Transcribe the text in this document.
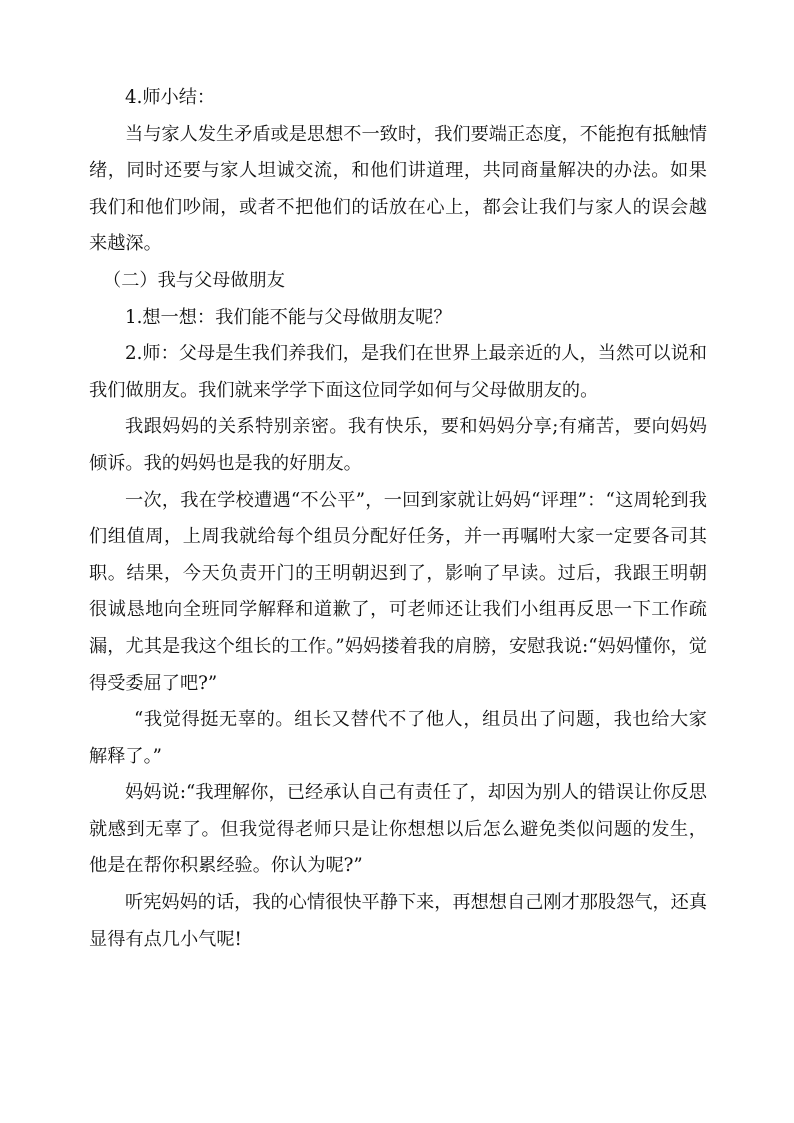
4.师小结：

当与家人发生矛盾或是思想不一致时，我们要端正态度，不能抱有抵触情绪，同时还要与家人坦诚交流，和他们讲道理，共同商量解决的办法。如果我们和他们吵闹，或者不把他们的话放在心上，都会让我们与家人的误会越来越深。

（二）我与父母做朋友

1.想一想：我们能不能与父母做朋友呢？

2.师：父母是生我们养我们，是我们在世界上最亲近的人，当然可以说和我们做朋友。我们就来学学下面这位同学如何与父母做朋友的。

我跟妈妈的关系特别亲密。我有快乐，要和妈妈分享;有痛苦，要向妈妈倾诉。我的妈妈也是我的好朋友。

一次，我在学校遭遇“不公平”，一回到家就让妈妈“评理”：“这周轮到我们组值周，上周我就给每个组员分配好任务，并一再嘱咐大家一定要各司其职。结果，今天负责开门的王明朝迟到了，影响了早读。过后，我跟王明朝很诚恳地向全班同学解释和道歉了，可老师还让我们小组再反思一下工作疏漏，尤其是我这个组长的工作。”妈妈搂着我的肩膀，安慰我说:“妈妈懂你，觉得受委屈了吧?”

“我觉得挺无辜的。组长又替代不了他人，组员出了问题，我也给大家解释了。”

妈妈说:“我理解你，已经承认自己有责任了，却因为别人的错误让你反思就感到无辜了。但我觉得老师只是让你想想以后怎么避免类似问题的发生，他是在帮你积累经验。你认为呢?”

听宪妈妈的话，我的心情很快平静下来，再想想自己刚才那股怨气，还真显得有点几小气呢!
